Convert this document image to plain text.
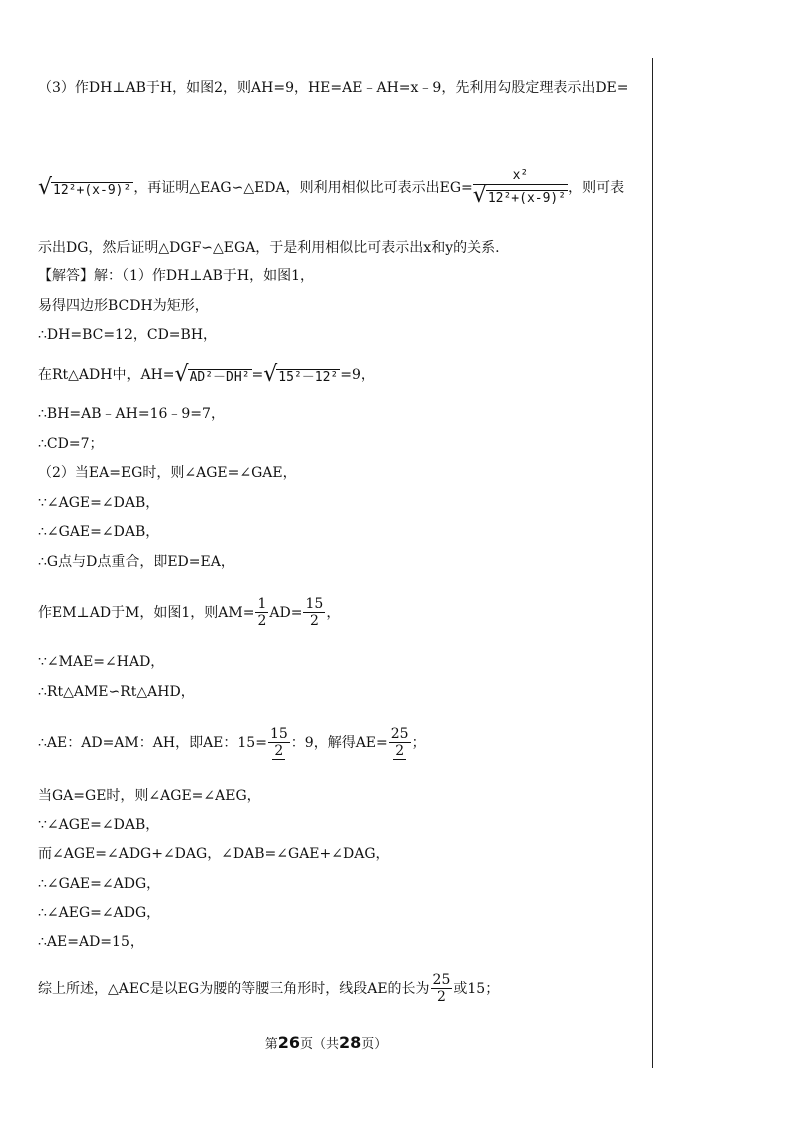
（3）作DH⊥AB于H，如图2，则AH=9，HE=AE﹣AH=x﹣9，先利用勾股定理表示出DE=
√ 12²+(x-9)² ，再证明△EAG∽△EDA，则利用相似比可表示出$EG= \frac{\text{x²}}{\text{√ 12²+(x-9)²}}$ ，则可表
示出DG，然后证明△DGF∽△EGA，于是利用相似比可表示出x和y的关系.
【解答】解：（1）作DH⊥AB于H，如图1，
易得四边形BCDH为矩形，
∴DH=BC=12，CD=BH，
在Rt△ADH中，AH= √ AD²－DH² = √ 15²－12² =9，
∴BH=AB﹣AH=16﹣9=7，
∴CD=7；
（2）当EA=EG时，则∠AGE=∠GAE，
∵∠AGE=∠DAB，
∴∠GAE=∠DAB，
∴G点与D点重合，即ED=EA，
作EM⊥AD于M，如图1，则$AM= \frac{1}{2} AD= \frac{15}{2}$ ，
∵∠MAE=∠HAD，
∴Rt△AME∽Rt△AHD，
∴AE：AD=AM：AH，即AE：$15= \frac{15}{2}$ ：9，解得$AE= \frac{25}{2}$ ；
当GA=GE时，则∠AGE=∠AEG，
∵∠AGE=∠DAB，
而∠AGE=∠ADG+∠DAG，∠DAB=∠GAE+∠DAG，
∴∠GAE=∠ADG，
∴∠AEG=∠ADG，
∴AE=AD=15，
综上所述，△AEC是以EG为腰的等腰三角形时，线段AE的长为 $\frac{25}{2}$ 或15；
第26页（共28页）
